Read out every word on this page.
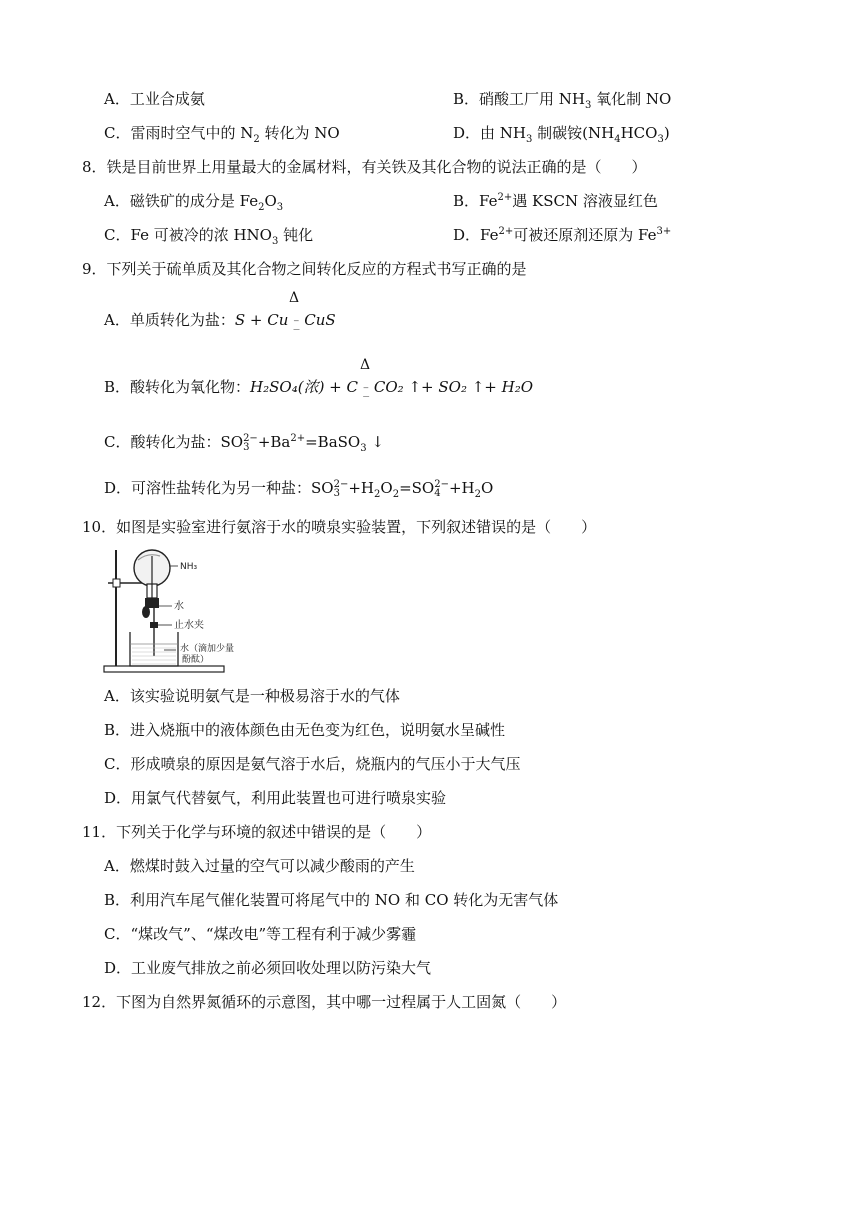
A．工业合成氨	B．硝酸工厂用 $NH_3$ 氧化制 NO
C．雷雨时空气中的 $N_2$ 转化为 NO	D．由 $NH_3$ 制碳铵$(NH_4HCO_3)$
8．铁是目前世界上用量最大的金属材料，有关铁及其化合物的说法正确的是（　　）
A．磁铁矿的成分是 $Fe_2O_3$	B．$Fe^{2+}$遇 KSCN 溶液显红色
C．Fe 可被冷的浓 $HNO_3$ 钝化	D．$Fe^{2+}$可被还原剂还原为 $Fe^{3+}$
9．下列关于硫单质及其化合物之间转化反应的方程式书写正确的是
Δ
A．单质转化为盐：S + Cu ⁻̲ CuS
Δ
B．酸转化为氧化物：H₂SO₄(浓) + C ⁻̲ CO₂ ↑+ SO₂ ↑+ H₂O
C．酸转化为盐：SO 2−
$3 +Ba^{2+}=BaSO_3$ ↓
D．可溶性盐转化为另一种盐：SO 2−
$3 +H_2O_2=SO$ 2−
$4 +H_2O$
10．如图是实验室进行氨溶于水的喷泉实验装置，下列叙述错误的是（　　）
NH₃
水
止水夹
水（滴加少量
酚酞）
A．该实验说明氨气是一种极易溶于水的气体
B．进入烧瓶中的液体颜色由无色变为红色，说明氨水呈碱性
C．形成喷泉的原因是氨气溶于水后，烧瓶内的气压小于大气压
D．用氯气代替氨气，利用此装置也可进行喷泉实验
11．下列关于化学与环境的叙述中错误的是（　　）
A．燃煤时鼓入过量的空气可以减少酸雨的产生
B．利用汽车尾气催化装置可将尾气中的 NO 和 CO 转化为无害气体
C．“煤改气”、“煤改电”等工程有利于减少雾霾
D．工业废气排放之前必须回收处理以防污染大气
12．下图为自然界氮循环的示意图，其中哪一过程属于人工固氮（　　）
